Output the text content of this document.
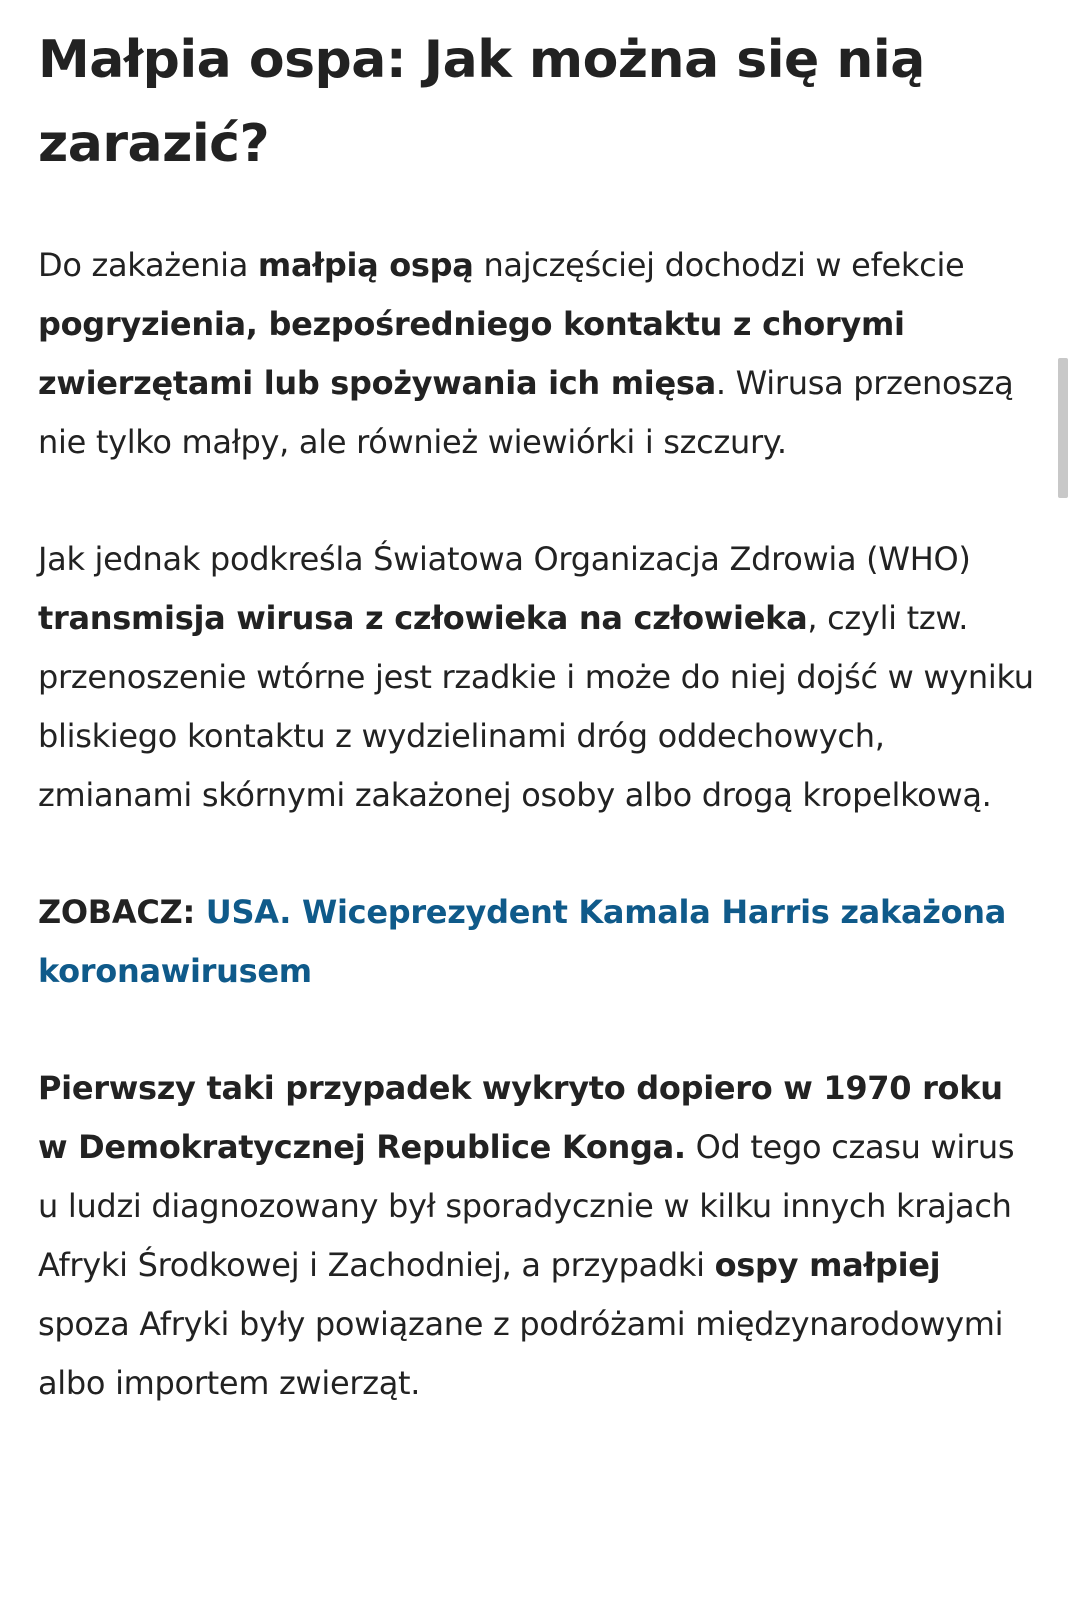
Małpia ospa: Jak można się nią zarazić?

Do zakażenia małpią ospą najczęściej dochodzi w efekcie pogryzienia, bezpośredniego kontaktu z chorymi zwierzętami lub spożywania ich mięsa. Wirusa przenoszą nie tylko małpy, ale również wiewiórki i szczury.

Jak jednak podkreśla Światowa Organizacja Zdrowia (WHO) transmisja wirusa z człowieka na człowieka, czyli tzw. przenoszenie wtórne jest rzadkie i może do niej dojść w wyniku bliskiego kontaktu z wydzielinami dróg oddechowych, zmianami skórnymi zakażonej osoby albo drogą kropelkową.

ZOBACZ: USA. Wiceprezydent Kamala Harris zakażona koronawirusem

Pierwszy taki przypadek wykryto dopiero w 1970 roku w Demokratycznej Republice Konga. Od tego czasu wirus u ludzi diagnozowany był sporadycznie w kilku innych krajach Afryki Środkowej i Zachodniej, a przypadki ospy małpiej spoza Afryki były powiązane z podróżami międzynarodowymi albo importem zwierząt.
